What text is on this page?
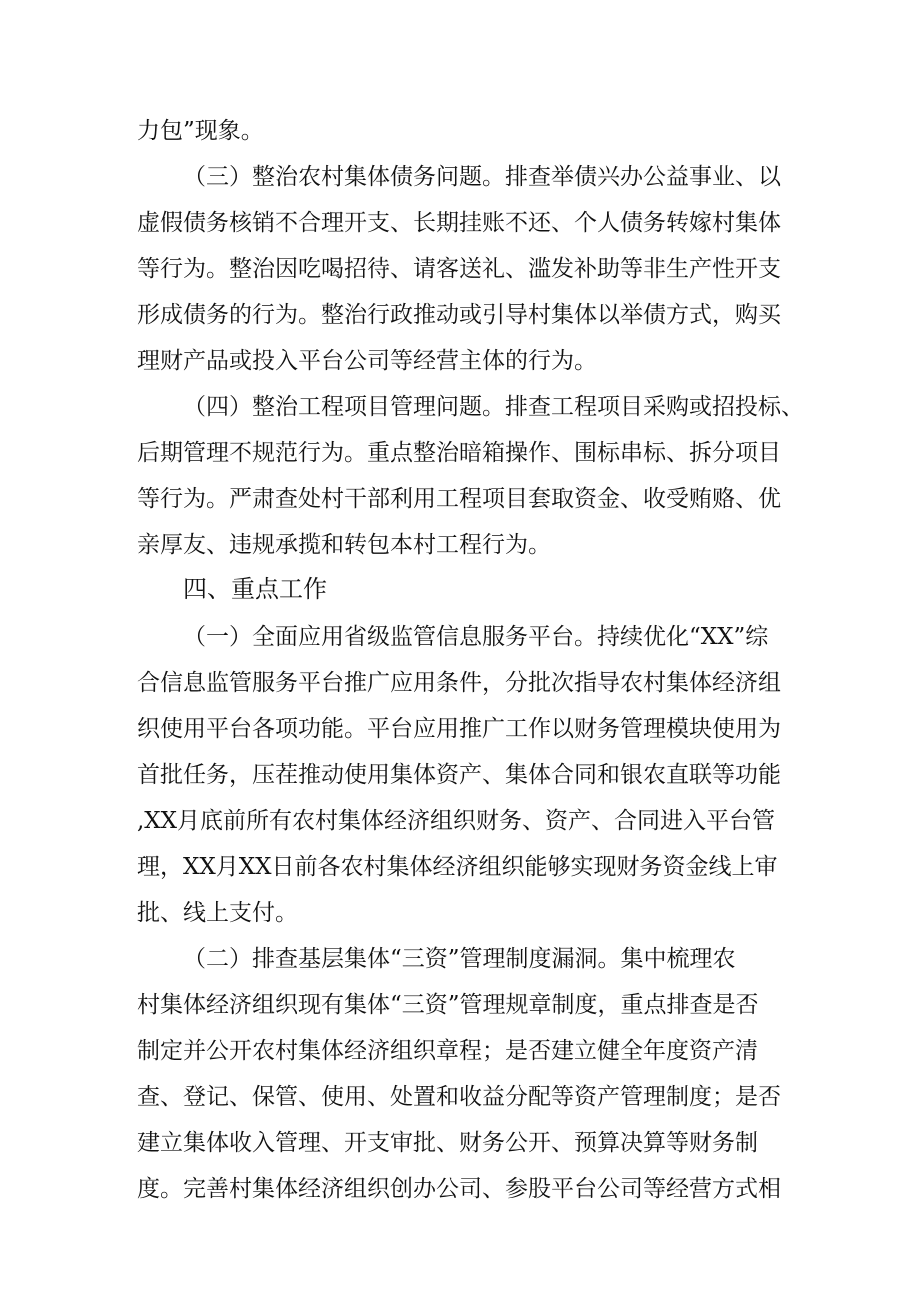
力包”现象。
（三）整治农村集体债务问题。排查举债兴办公益事业、以
虚假债务核销不合理开支、长期挂账不还、个人债务转嫁村集体
等行为。整治因吃喝招待、请客送礼、滥发补助等非生产性开支
形成债务的行为。整治行政推动或引导村集体以举债方式，购买
理财产品或投入平台公司等经营主体的行为。
（四）整治工程项目管理问题。排查工程项目采购或招投标、
后期管理不规范行为。重点整治暗箱操作、围标串标、拆分项目
等行为。严肃查处村干部利用工程项目套取资金、收受贿赂、优
亲厚友、违规承揽和转包本村工程行为。
四、重点工作
（一）全面应用省级监管信息服务平台。持续优化“XX”综
合信息监管服务平台推广应用条件，分批次指导农村集体经济组
织使用平台各项功能。平台应用推广工作以财务管理模块使用为
首批任务，压茬推动使用集体资产、集体合同和银农直联等功能
,XX月底前所有农村集体经济组织财务、资产、合同进入平台管
理，XX月XX日前各农村集体经济组织能够实现财务资金线上审
批、线上支付。
（二）排查基层集体“三资”管理制度漏洞。集中梳理农
村集体经济组织现有集体“三资”管理规章制度，重点排查是否
制定并公开农村集体经济组织章程；是否建立健全年度资产清
查、登记、保管、使用、处置和收益分配等资产管理制度；是否
建立集体收入管理、开支审批、财务公开、预算决算等财务制
度。完善村集体经济组织创办公司、参股平台公司等经营方式相
